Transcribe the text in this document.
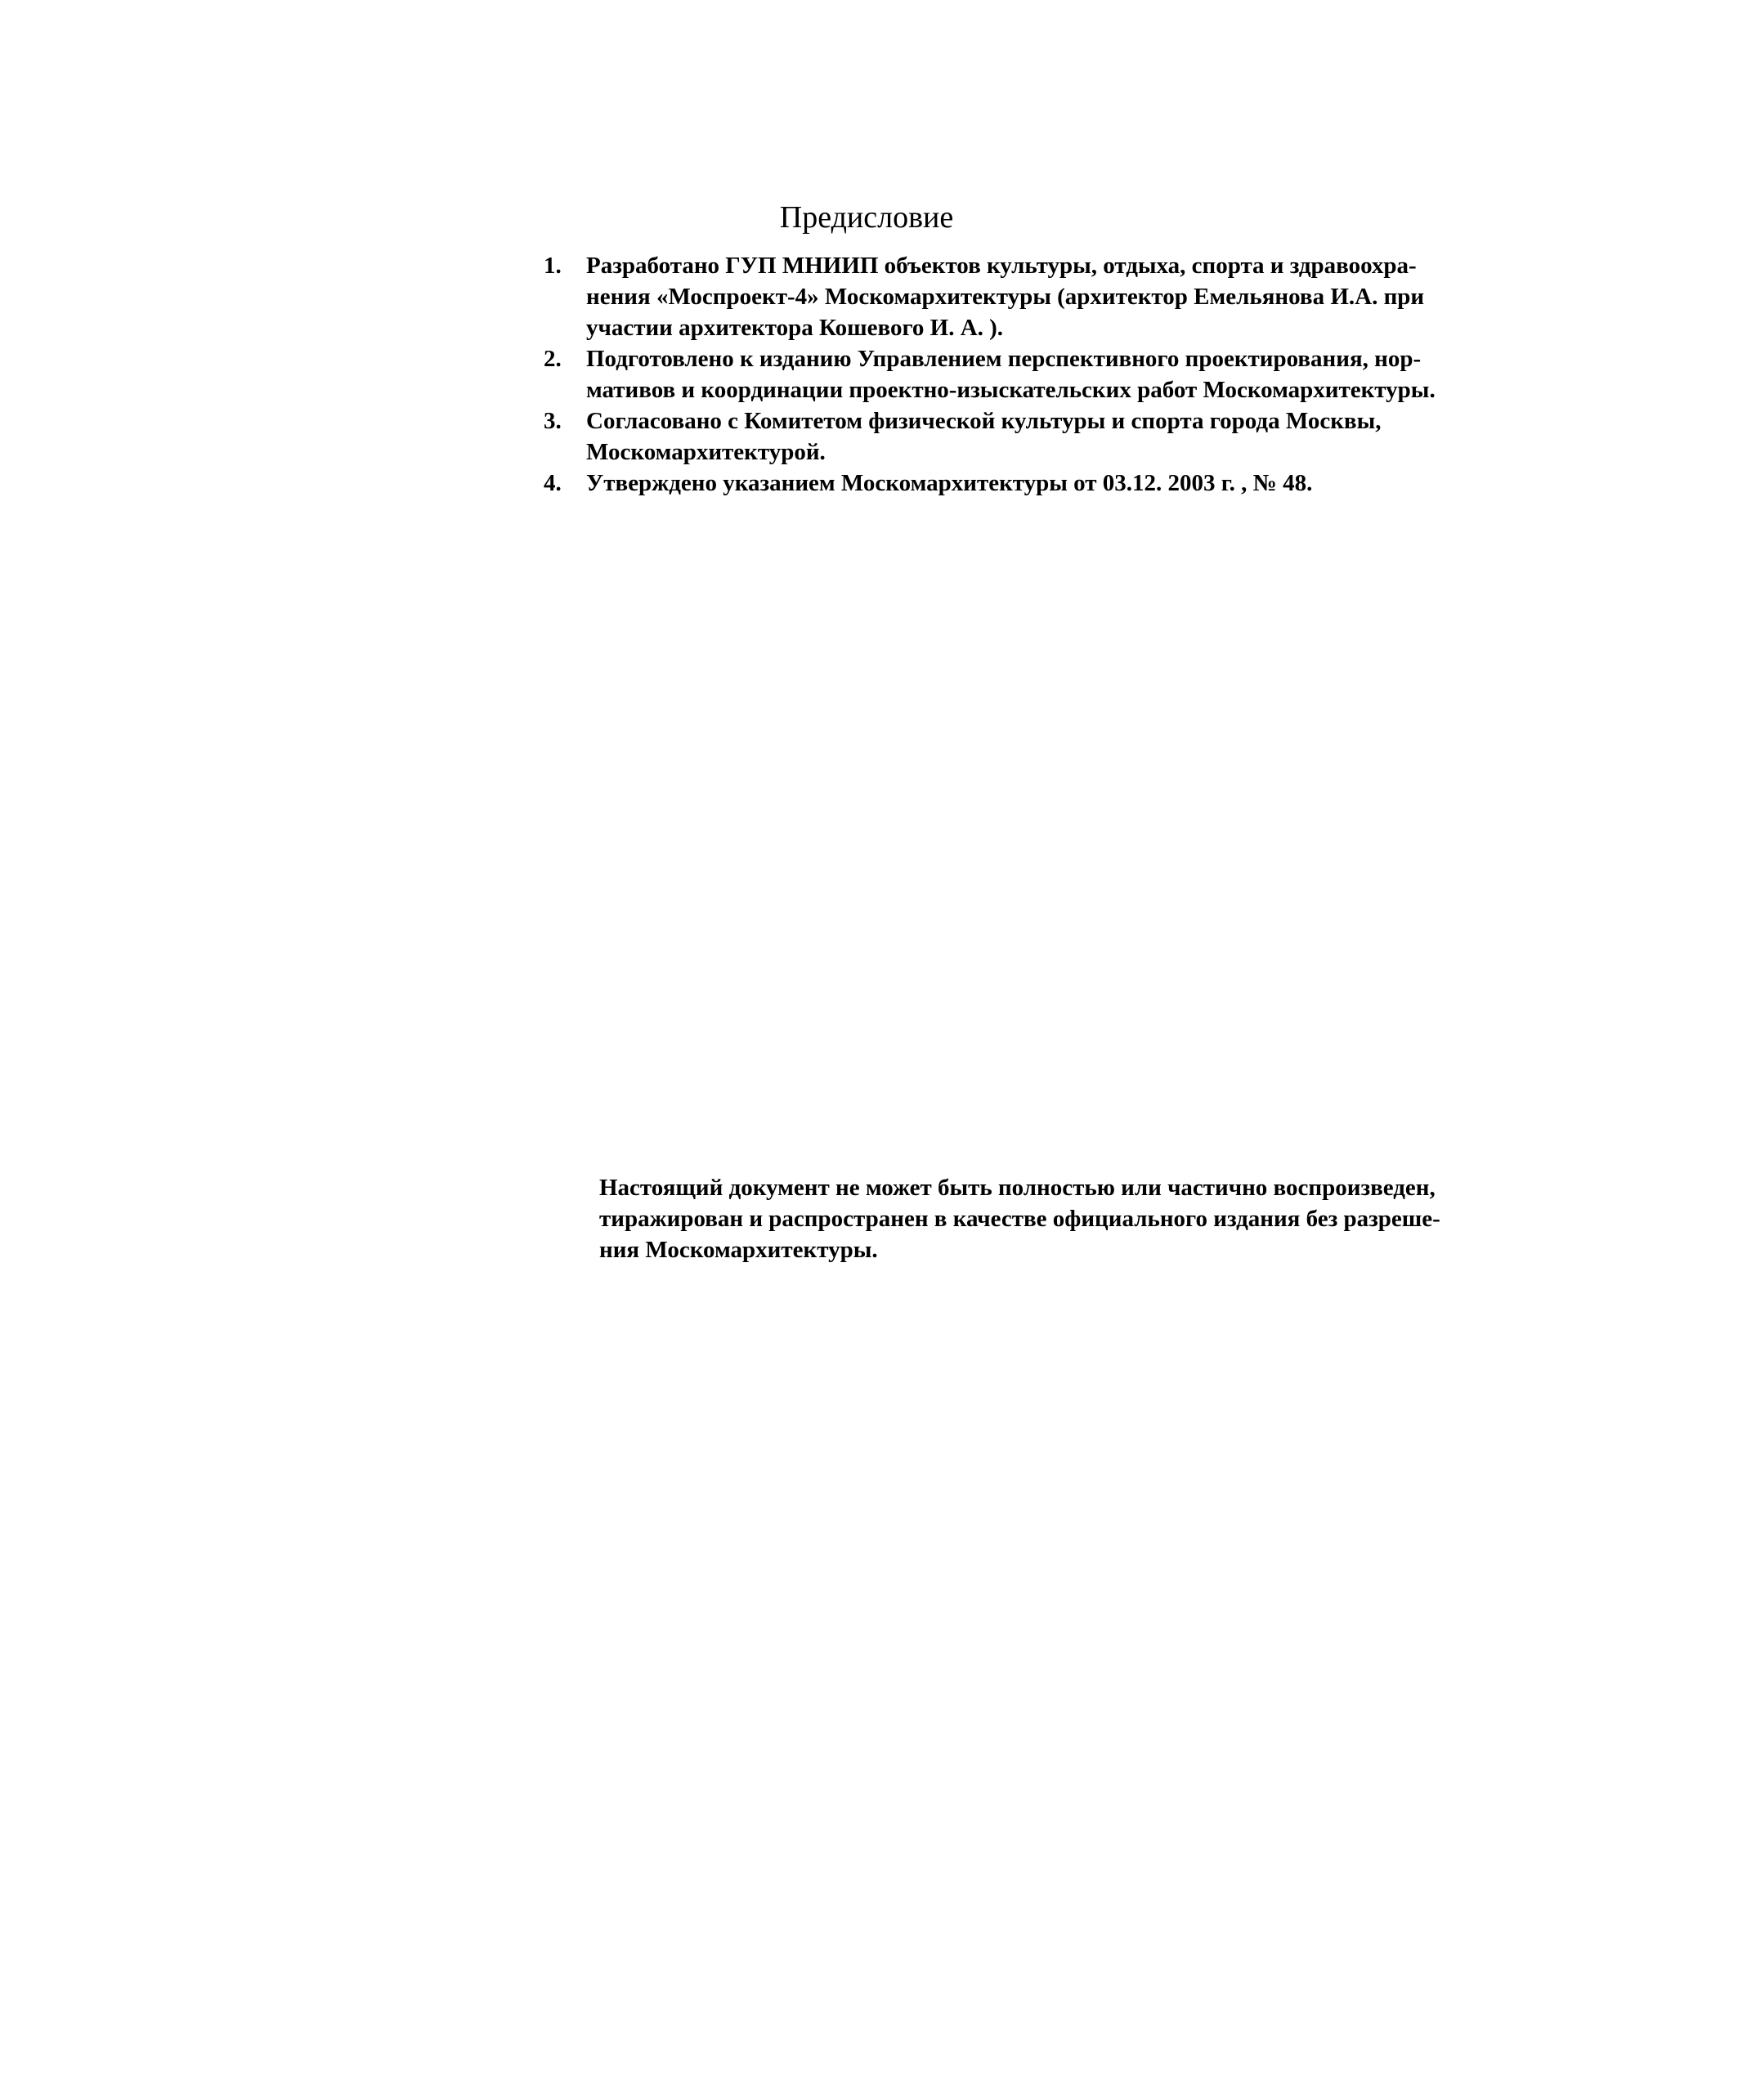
Предисловие
1. Разработано ГУП МНИИП объектов культуры, отдыха, спорта и здравоохра-
нения «Моспроект-4» Москомархитектуры (архитектор Емельянова И.А. при
участии архитектора Кошевого И. А. ).
2. Подготовлено к изданию Управлением перспективного проектирования, нор-
мативов и координации проектно-изыскательских работ Москомархитектуры.
3. Согласовано с Комитетом физической культуры и спорта города Москвы,
Москомархитектурой.
4. Утверждено указанием Москомархитектуры от 03.12. 2003 г. , № 48.

Настоящий документ не может быть полностью или частично воспроизведен,
тиражирован и распространен в качестве официального издания без разреше-
ния Москомархитектуры.
